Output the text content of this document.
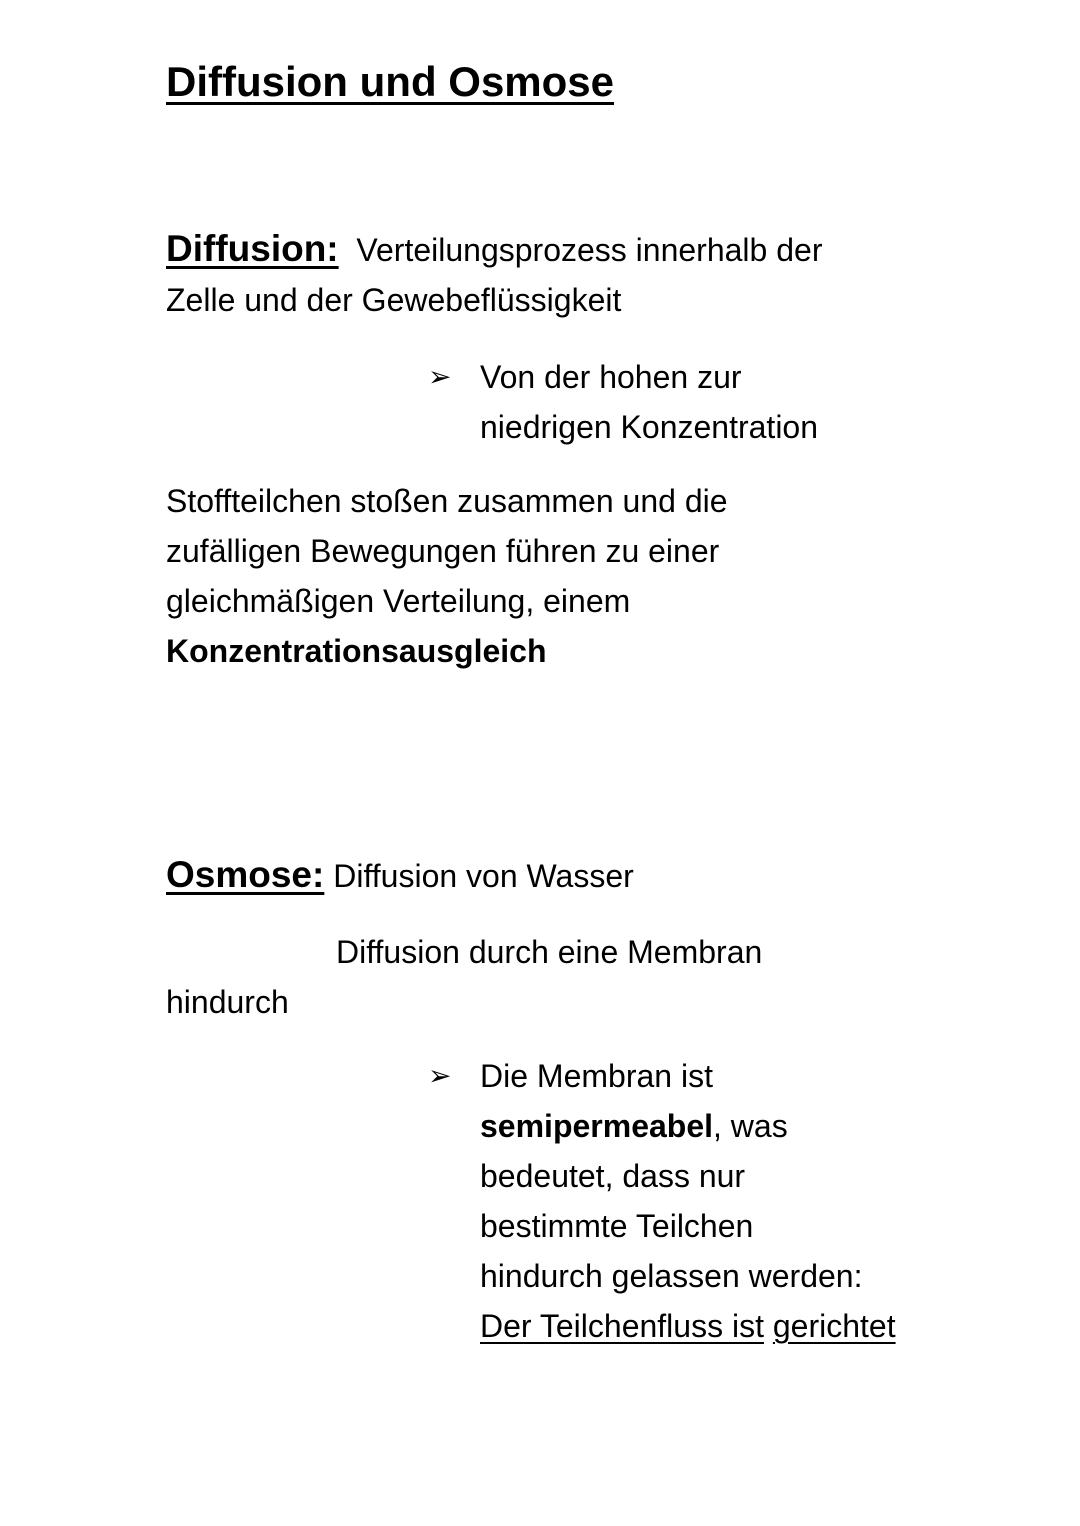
Diffusion und Osmose
Diffusion: Verteilungsprozess innerhalb der
Zelle und der Gewebeflüssigkeit
➢ Von der hohen zur
niedrigen Konzentration
Stoffteilchen stoßen zusammen und die
zufälligen Bewegungen führen zu einer
gleichmäßigen Verteilung, einem
Konzentrationsausgleich
Osmose: Diffusion von Wasser
Diffusion durch eine Membran
hindurch
➢ Die Membran ist
semipermeabel, was
bedeutet, dass nur
bestimmte Teilchen
hindurch gelassen werden:
Der Teilchenfluss ist gerichtet
